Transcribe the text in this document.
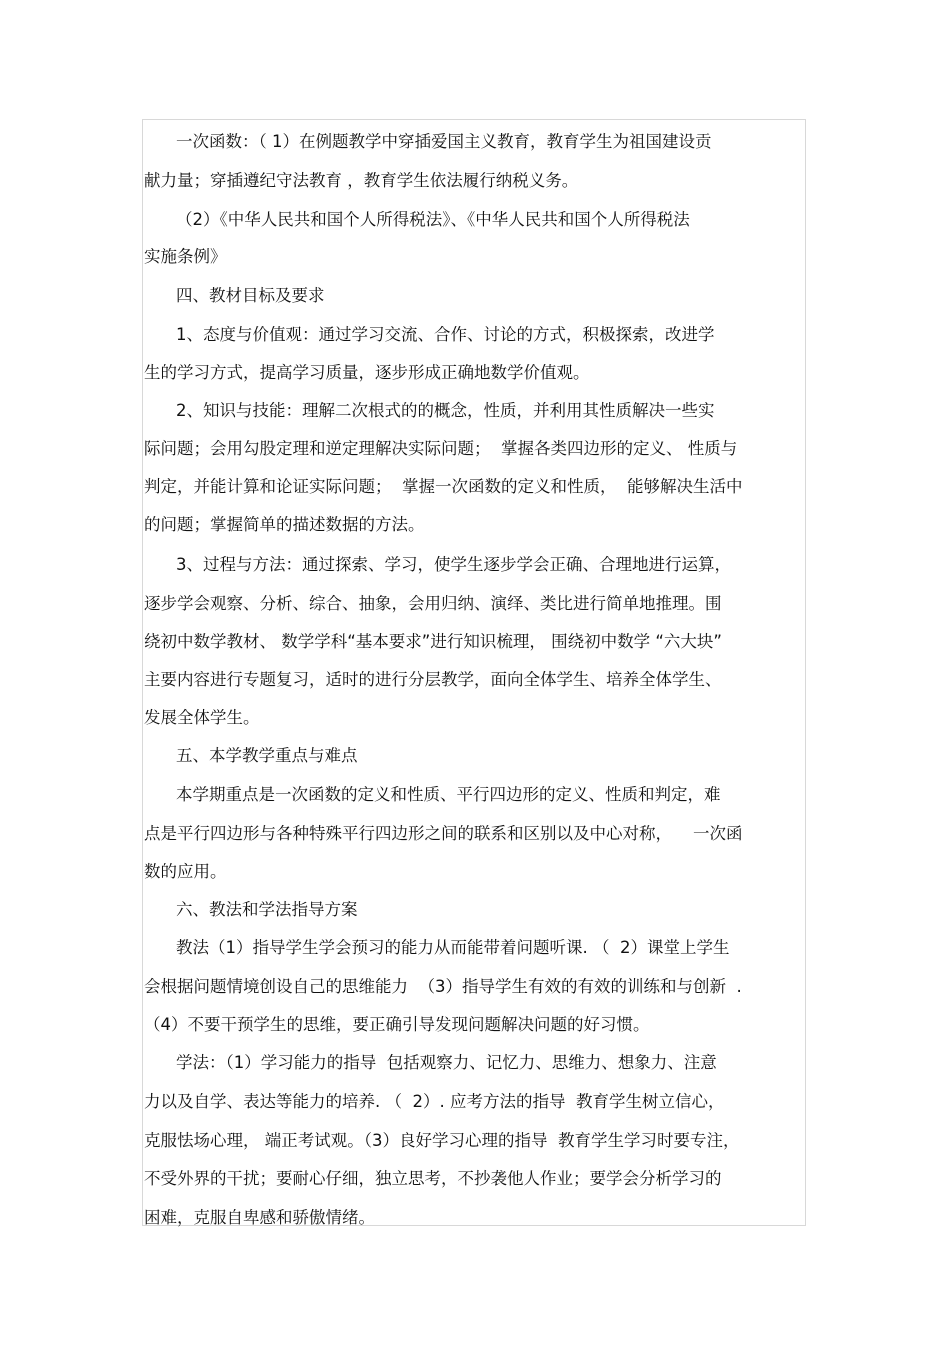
一次函数：（ 1）在例题教学中穿插爱国主义教育，教育学生为祖国建设贡
献力量；穿插遵纪守法教育 ，教育学生依法履行纳税义务。
（2）《中华人民共和国个人所得税法》、《中华人民共和国个人所得税法
实施条例》
四、教材目标及要求
1、态度与价值观：通过学习交流、合作、讨论的方式，积极探索，改进学
生的学习方式，提高学习质量，逐步形成正确地数学价值观。
2、知识与技能：理解二次根式的的概念，性质，并利用其性质解决一些实
际问题；会用勾股定理和逆定理解决实际问题；  掌握各类四边形的定义、 性质与
判定，并能计算和论证实际问题；  掌握一次函数的定义和性质，  能够解决生活中
的问题；掌握简单的描述数据的方法。
3、过程与方法：通过探索、学习，使学生逐步学会正确、合理地进行运算，
逐步学会观察、分析、综合、抽象，会用归纳、演绎、类比进行简单地推理。围
绕初中数学教材、 数学学科“基本要求”进行知识梳理， 围绕初中数学 “六大块”
主要内容进行专题复习，适时的进行分层教学，面向全体学生、培养全体学生、
发展全体学生。
五、本学教学重点与难点
本学期重点是一次函数的定义和性质、平行四边形的定义、性质和判定，难
点是平行四边形与各种特殊平行四边形之间的联系和区别以及中心对称，    一次函
数的应用。
六、教法和学法指导方案
教法（1）指导学生学会预习的能力从而能带着问题听课. （  2）课堂上学生
会根据问题情境创设自己的思维能力  （3）指导学生有效的有效的训练和与创新  .
（4）不要干预学生的思维，要正确引导发现问题解决问题的好习惯。
学法：（1）学习能力的指导  包括观察力、记忆力、思维力、想象力、注意
力以及自学、表达等能力的培养. （  2）. 应考方法的指导  教育学生树立信心，
克服怯场心理， 端正考试观。（3）良好学习心理的指导  教育学生学习时要专注，
不受外界的干扰；要耐心仔细，独立思考，不抄袭他人作业；要学会分析学习的
困难，克服自卑感和骄傲情绪。
